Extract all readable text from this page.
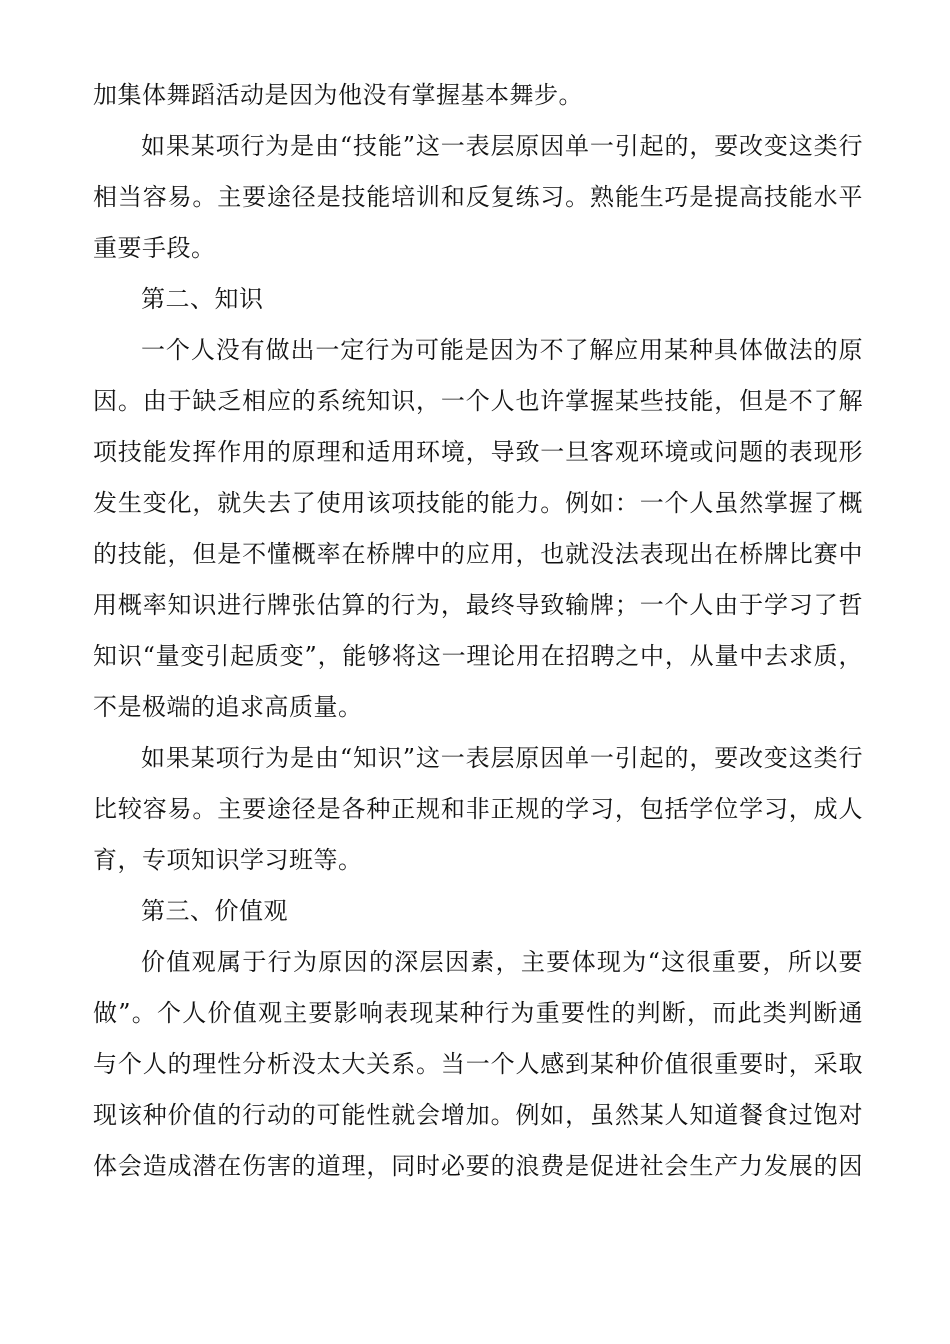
加集体舞蹈活动是因为他没有掌握基本舞步。
如果某项行为是由“技能”这一表层原因单一引起的，要改变这类行
相当容易。主要途径是技能培训和反复练习。熟能生巧是提高技能水平
重要手段。
第二、知识
一个人没有做出一定行为可能是因为不了解应用某种具体做法的原
因。由于缺乏相应的系统知识，一个人也许掌握某些技能，但是不了解
项技能发挥作用的原理和适用环境，导致一旦客观环境或问题的表现形
发生变化，就失去了使用该项技能的能力。例如：一个人虽然掌握了概
的技能，但是不懂概率在桥牌中的应用，也就没法表现出在桥牌比赛中
用概率知识进行牌张估算的行为，最终导致输牌；一个人由于学习了哲
知识“量变引起质变”，能够将这一理论用在招聘之中，从量中去求质，
不是极端的追求高质量。
如果某项行为是由“知识”这一表层原因单一引起的，要改变这类行
比较容易。主要途径是各种正规和非正规的学习，包括学位学习，成人
育，专项知识学习班等。
第三、价值观
价值观属于行为原因的深层因素，主要体现为“这很重要，所以要
做”。个人价值观主要影响表现某种行为重要性的判断，而此类判断通
与个人的理性分析没太大关系。当一个人感到某种价值很重要时，采取
现该种价值的行动的可能性就会增加。例如，虽然某人知道餐食过饱对
体会造成潜在伤害的道理，同时必要的浪费是促进社会生产力发展的因
